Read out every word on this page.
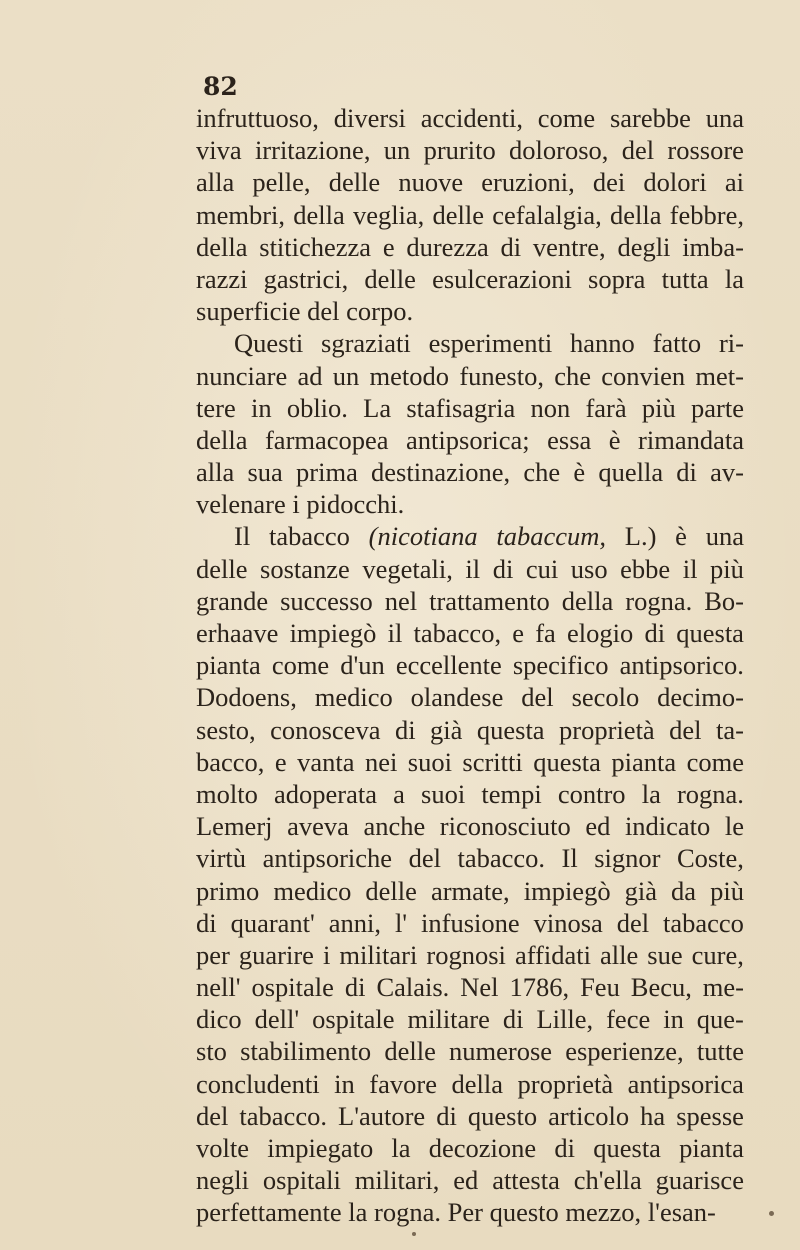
82
infruttuoso, diversi accidenti, come sarebbe una
viva irritazione, un prurito doloroso, del rossore
alla pelle, delle nuove eruzioni, dei dolori ai
membri, della veglia, delle cefalalgia, della febbre,
della stitichezza e durezza di ventre, degli imba-
razzi gastrici, delle esulcerazioni sopra tutta la
superficie
del
corpo.

Questi sgraziati esperimenti hanno fatto ri-
nunciare ad un metodo funesto, che convien met-
tere in oblio. La stafisagria non farà più parte
della farmacopea antipsorica; essa è rimandata
alla sua prima destinazione, che è quella di av-
velenare
i
pidocchi.

Il tabacco (nicotiana tabaccum, L.) è una
delle sostanze vegetali, il di cui uso ebbe il più
grande successo nel trattamento della rogna. Bo-
erhaave impiegò il tabacco, e fa elogio di questa
pianta come d'un eccellente specifico antipsorico.
Dodoens, medico olandese del secolo decimo-
sesto, conosceva di già questa proprietà del ta-
bacco, e vanta nei suoi scritti questa pianta come
molto adoperata a suoi tempi contro la rogna.
Lemerj aveva anche riconosciuto ed indicato le
virtù antipsoriche del tabacco. Il signor Coste,
primo medico delle armate, impiegò già da più
di quarant' anni, l' infusione vinosa del tabacco
per guarire i militari rognosi affidati alle sue cure,
nell' ospitale di Calais. Nel 1786, Feu Becu, me-
dico dell' ospitale militare di Lille, fece in que-
sto stabilimento delle numerose esperienze, tutte
concludenti in favore della proprietà antipsorica
del tabacco. L'autore di questo articolo ha spesse
volte impiegato la decozione di questa pianta
negli ospitali militari, ed attesta ch'ella guarisce
perfettamente
la
rogna.
Per
questo
mezzo,
l'esan-
